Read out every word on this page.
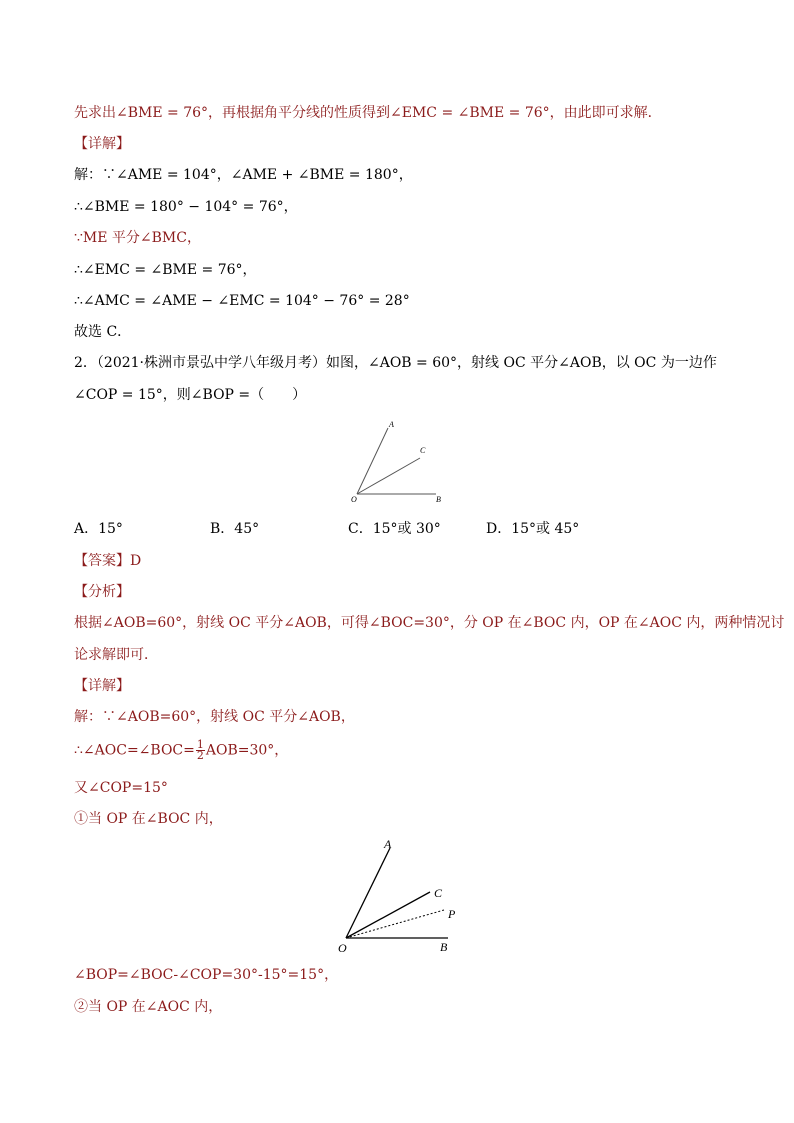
先求出∠BME = 76°，再根据角平分线的性质得到∠EMC = ∠BME = 76°，由此即可求解．
【详解】
解：∵∠AME = 104°，∠AME + ∠BME = 180°，
∴∠BME = 180° − 104° = 76°，
∵ME 平分∠BMC，
∴∠EMC = ∠BME = 76°，
∴∠AMC = ∠AME − ∠EMC = 104° − 76° = 28°
故选 C．
2．（2021·株洲市景弘中学八年级月考）如图，∠AOB = 60°，射线 OC 平分∠AOB，以 OC 为一边作
∠COP = 15°，则∠BOP =（　　）
A
C
O	B
A．15°	B．45°	C．15°或 30°	D．15°或 45°
【答案】D
【分析】
根据∠AOB=60°，射线 OC 平分∠AOB，可得∠BOC=30°，分 OP 在∠BOC 内，OP 在∠AOC 内，两种情况讨
论求解即可．
【详解】
解：∵∠AOB=60°，射线 OC 平分∠AOB，
∴∠AOC=∠BOC= $\frac{1}{2} AOB=30^\circ$，
又∠COP=15°
①当 OP 在∠BOC 内，
A
C
P
O	B
∠BOP=∠BOC-∠COP=30°-15°=15°，
②当 OP 在∠AOC 内，
